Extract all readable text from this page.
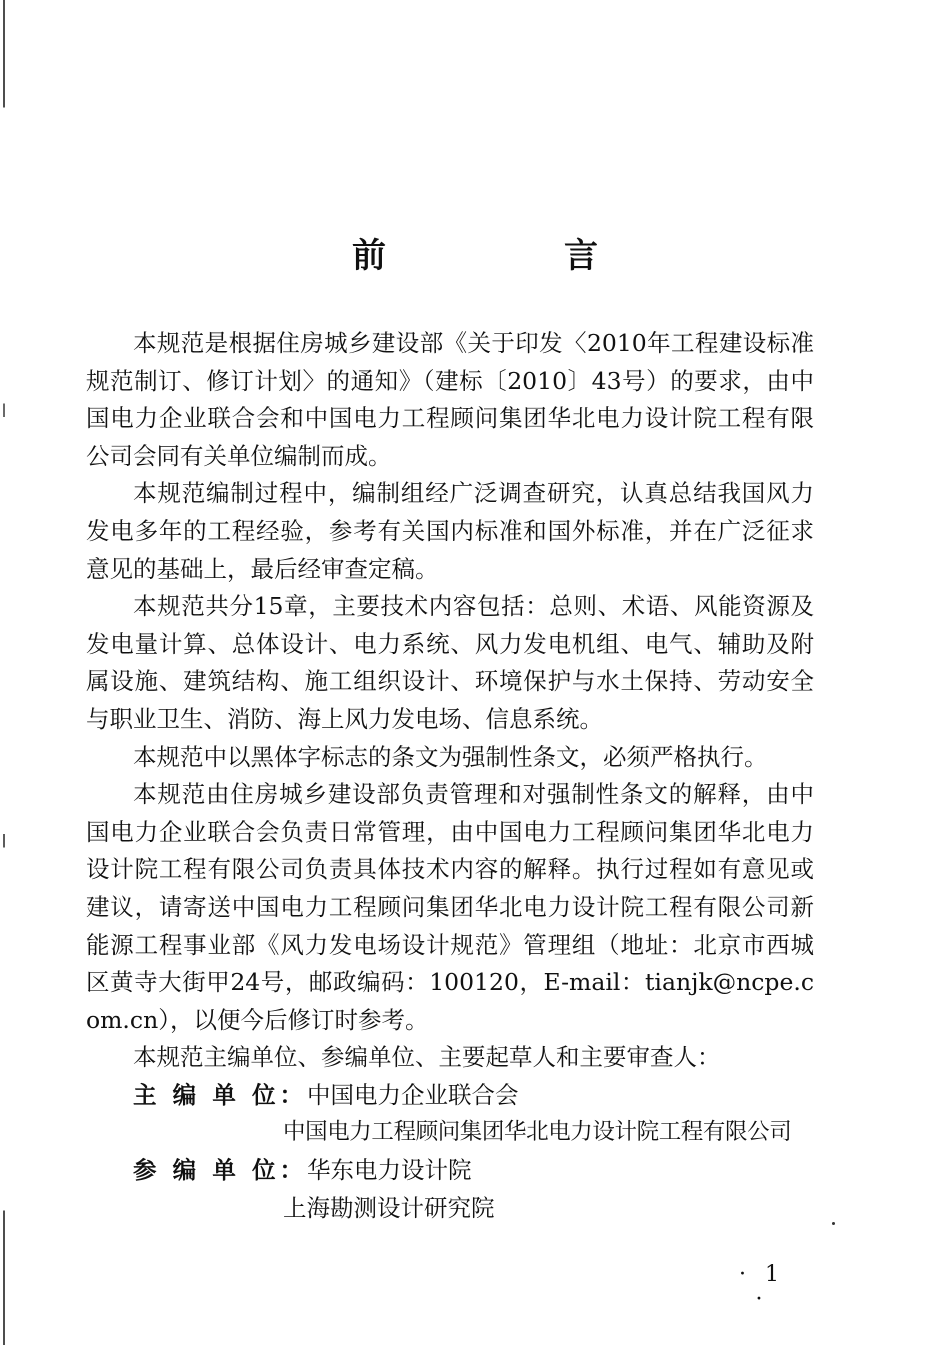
前　言

本规范是根据住房城乡建设部《关于印发〈2010年工程建设标准规范制订、修订计划〉的通知》（建标〔2010〕43号）的要求，由中国电力企业联合会和中国电力工程顾问集团华北电力设计院工程有限公司会同有关单位编制而成。

本规范编制过程中，编制组经广泛调查研究，认真总结我国风力发电多年的工程经验，参考有关国内标准和国外标准，并在广泛征求意见的基础上，最后经审查定稿。

本规范共分15章，主要技术内容包括：总则、术语、风能资源及发电量计算、总体设计、电力系统、风力发电机组、电气、辅助及附属设施、建筑结构、施工组织设计、环境保护与水土保持、劳动安全与职业卫生、消防、海上风力发电场、信息系统。

本规范中以黑体字标志的条文为强制性条文，必须严格执行。

本规范由住房城乡建设部负责管理和对强制性条文的解释，由中国电力企业联合会负责日常管理，由中国电力工程顾问集团华北电力设计院工程有限公司负责具体技术内容的解释。执行过程如有意见或建议，请寄送中国电力工程顾问集团华北电力设计院工程有限公司新能源工程事业部《风力发电场设计规范》管理组（地址：北京市西城区黄寺大街甲24号，邮政编码：100120，E-mail：tianjk@ncpe.com.cn），以便今后修订时参考。

本规范主编单位、参编单位、主要起草人和主要审查人：

主 编 单 位：中国电力企业联合会

中国电力工程顾问集团华北电力设计院工程有限公司

参 编 单 位：华东电力设计院

上海勘测设计研究院

· 1 ·
